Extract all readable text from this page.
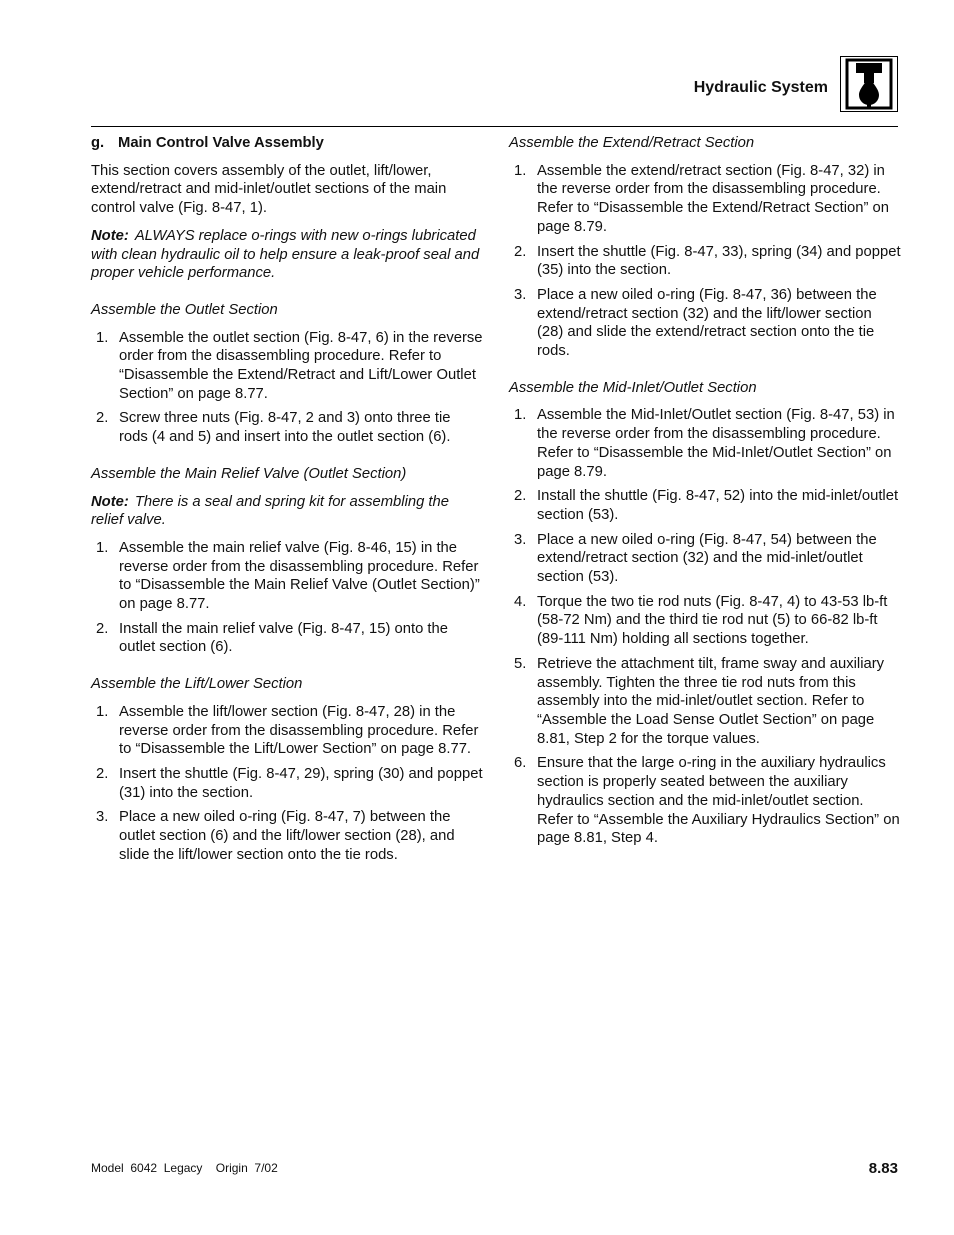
Hydraulic System
g. Main Control Valve Assembly
This section covers assembly of the outlet, lift/lower, extend/retract and mid-inlet/outlet sections of the main control valve (Fig. 8-47, 1).
Note: ALWAYS replace o-rings with new o-rings lubricated with clean hydraulic oil to help ensure a leak-proof seal and proper vehicle performance.
Assemble the Outlet Section
1. Assemble the outlet section (Fig. 8-47, 6) in the reverse order from the disassembling procedure. Refer to “Disassemble the Extend/Retract and Lift/Lower Outlet Section” on page 8.77.
2. Screw three nuts (Fig. 8-47, 2 and 3) onto three tie rods (4 and 5) and insert into the outlet section (6).
Assemble the Main Relief Valve (Outlet Section)
Note: There is a seal and spring kit for assembling the relief valve.
1. Assemble the main relief valve (Fig. 8-46, 15) in the reverse order from the disassembling procedure. Refer to “Disassemble the Main Relief Valve (Outlet Section)” on page 8.77.
2. Install the main relief valve (Fig. 8-47, 15) onto the outlet section (6).
Assemble the Lift/Lower Section
1. Assemble the lift/lower section (Fig. 8-47, 28) in the reverse order from the disassembling procedure. Refer to “Disassemble the Lift/Lower Section” on page 8.77.
2. Insert the shuttle (Fig. 8-47, 29), spring (30) and poppet (31) into the section.
3. Place a new oiled o-ring (Fig. 8-47, 7) between the outlet section (6) and the lift/lower section (28), and slide the lift/lower section onto the tie rods.
Assemble the Extend/Retract Section
1. Assemble the extend/retract section (Fig. 8-47, 32) in the reverse order from the disassembling procedure. Refer to “Disassemble the Extend/Retract Section” on page 8.79.
2. Insert the shuttle (Fig. 8-47, 33), spring (34) and poppet (35) into the section.
3. Place a new oiled o-ring (Fig. 8-47, 36) between the extend/retract section (32) and the lift/lower section (28) and slide the extend/retract section onto the tie rods.
Assemble the Mid-Inlet/Outlet Section
1. Assemble the Mid-Inlet/Outlet section (Fig. 8-47, 53) in the reverse order from the disassembling procedure. Refer to “Disassemble the Mid-Inlet/Outlet Section” on page 8.79.
2. Install the shuttle (Fig. 8-47, 52) into the mid-inlet/outlet section (53).
3. Place a new oiled o-ring (Fig. 8-47, 54) between the extend/retract section (32) and the mid-inlet/outlet section (53).
4. Torque the two tie rod nuts (Fig. 8-47, 4) to 43-53 lb-ft (58-72 Nm) and the third tie rod nut (5) to 66-82 lb-ft (89-111 Nm) holding all sections together.
5. Retrieve the attachment tilt, frame sway and auxiliary assembly. Tighten the three tie rod nuts from this assembly into the mid-inlet/outlet section. Refer to “Assemble the Load Sense Outlet Section” on page 8.81, Step 2 for the torque values.
6. Ensure that the large o-ring in the auxiliary hydraulics section is properly seated between the auxiliary hydraulics section and the mid-inlet/outlet section. Refer to “Assemble the Auxiliary Hydraulics Section” on page 8.81, Step 4.
Model  6042  Legacy    Origin  7/02	8.83
